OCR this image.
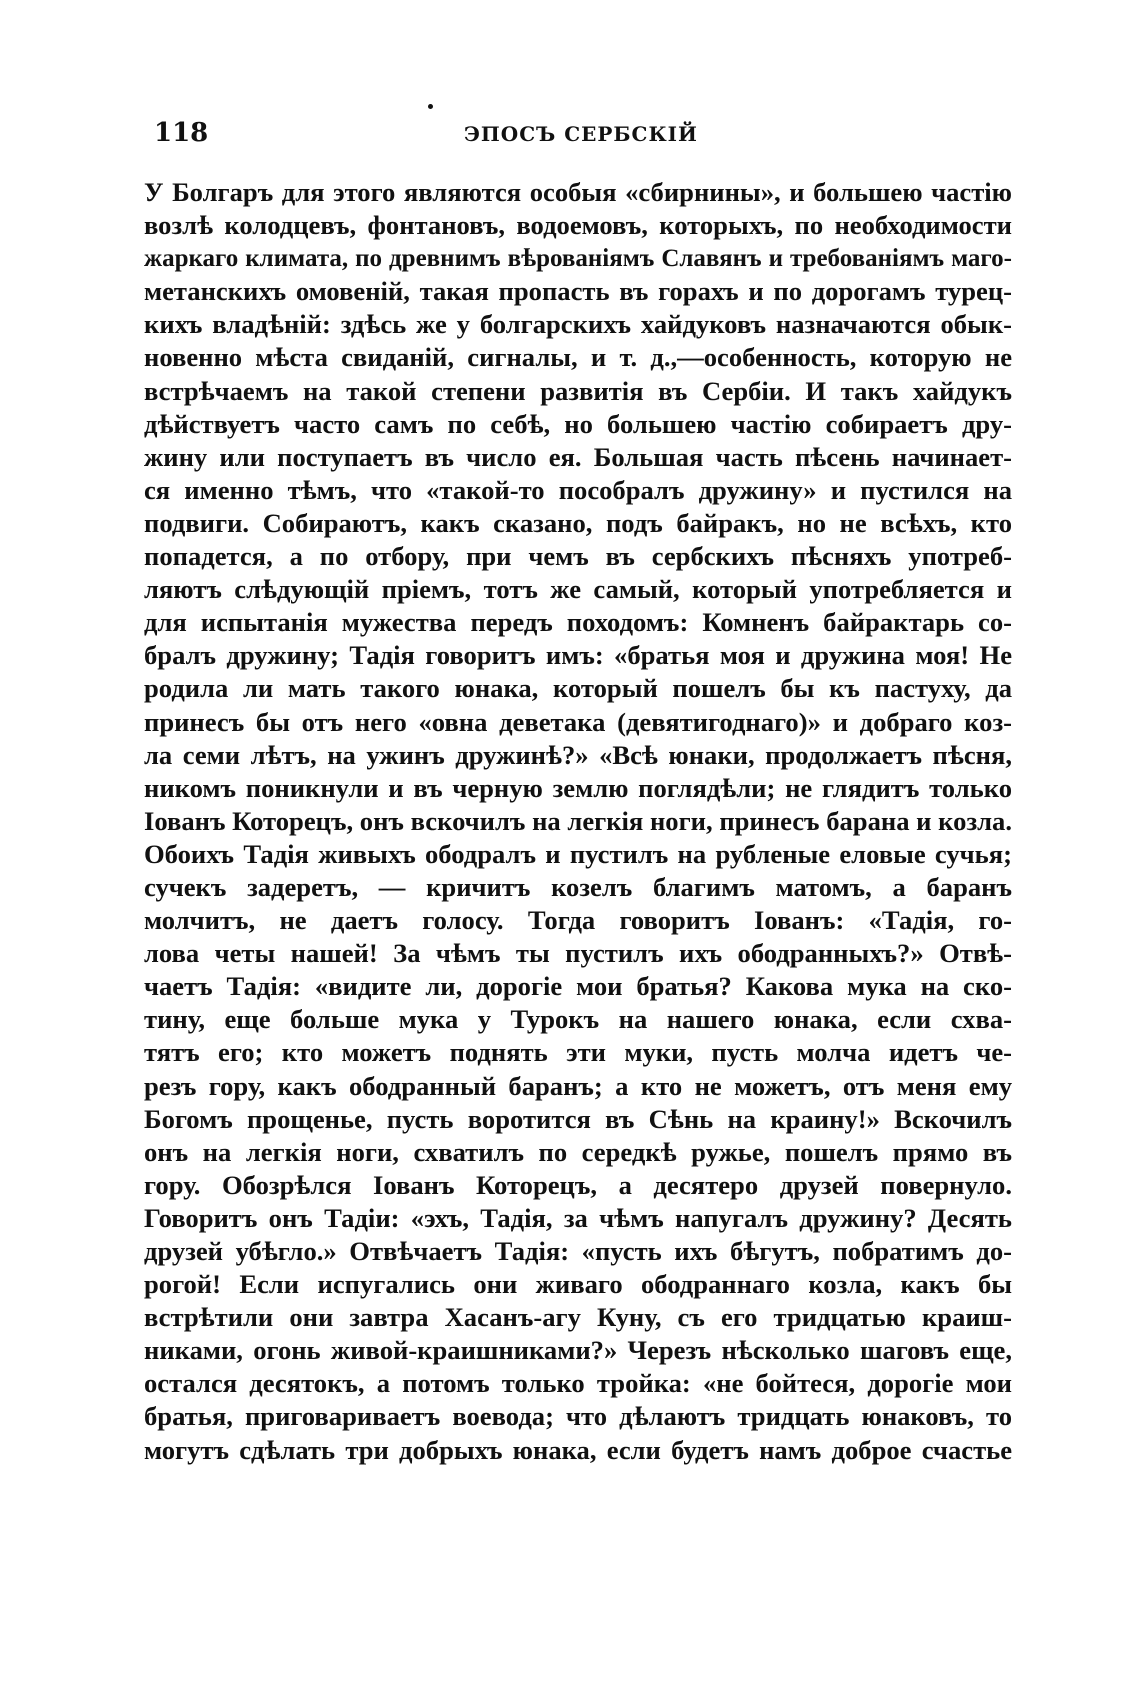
118	ЭПОСЪ СЕРБСКІЙ
У Болгаръ для этого являются особыя «сбирнины», и большею частію
возлѣ колодцевъ, фонтановъ, водоемовъ, которыхъ, по необходимости
жаркаго климата, по древнимъ вѣрованіямъ Славянъ и требованіямъ маго-
метанскихъ омовеній, такая пропасть въ горахъ и по дорогамъ турец-
кихъ владѣній: здѣсь же у болгарскихъ хайдуковъ назначаются обык-
новенно мѣста свиданій, сигналы, и т. д.,—особенность, которую не
встрѣчаемъ на такой степени развитія въ Сербіи. И такъ хайдукъ
дѣйствуетъ часто самъ по себѣ, но большею частію собираетъ дру-
жину или поступаетъ въ число ея. Большая часть пѣсень начинает-
ся именно тѣмъ, что «такой-то пособралъ дружину» и пустился на
подвиги. Собираютъ, какъ сказано, подъ байракъ, но не всѣхъ, кто
попадется, а по отбору, при чемъ въ сербскихъ пѣсняхъ употреб-
ляютъ слѣдующій пріемъ, тотъ же самый, который употребляется и
для испытанія мужества передъ походомъ: Комненъ байрактарь со-
бралъ дружину; Тадія говоритъ имъ: «братья моя и дружина моя! Не
родила ли мать такого юнака, который пошелъ бы къ пастуху, да
принесъ бы отъ него «овна деветака (девятигоднаго)» и добраго коз-
ла семи лѣтъ, на ужинъ дружинѣ?» «Всѣ юнаки, продолжаетъ пѣсня,
никомъ поникнули и въ черную землю поглядѣли; не глядитъ только
Іованъ Которецъ, онъ вскочилъ на легкія ноги, принесъ барана и козла.
Обоихъ Тадія живыхъ ободралъ и пустилъ на рубленые еловые сучья;
сучекъ задеретъ, — кричитъ козелъ благимъ матомъ, а баранъ
молчитъ, не даетъ голосу. Тогда говоритъ Іованъ: «Тадія, го-
лова четы нашей! За чѣмъ ты пустилъ ихъ ободранныхъ?» Отвѣ-
чаетъ Тадія: «видите ли, дорогіе мои братья? Какова мука на ско-
тину, еще больше мука у Турокъ на нашего юнака, если схва-
тятъ его; кто можетъ поднять эти муки, пусть молча идетъ че-
резъ гору, какъ ободранный баранъ; а кто не можетъ, отъ меня ему
Богомъ прощенье, пусть воротится въ Сѣнь на краину!» Вскочилъ
онъ на легкія ноги, схватилъ по середкѣ ружье, пошелъ прямо въ
гору. Обозрѣлся Іованъ Которецъ, а десятеро друзей повернуло.
Говоритъ онъ Тадіи: «эхъ, Тадія, за чѣмъ напугалъ дружину? Десять
друзей убѣгло.» Отвѣчаетъ Тадія: «пусть ихъ бѣгутъ, побратимъ до-
рогой! Если испугались они живаго ободраннаго козла, какъ бы
встрѣтили они завтра Хасанъ-агу Куну, съ его тридцатью краиш-
никами, огонь живой-краишниками?» Черезъ нѣсколько шаговъ еще,
остался десятокъ, а потомъ только тройка: «не бойтеся, дорогіе мои
братья, приговариваетъ воевода; что дѣлаютъ тридцать юнаковъ, то
могутъ сдѣлать три добрыхъ юнака, если будетъ намъ доброе счастье
